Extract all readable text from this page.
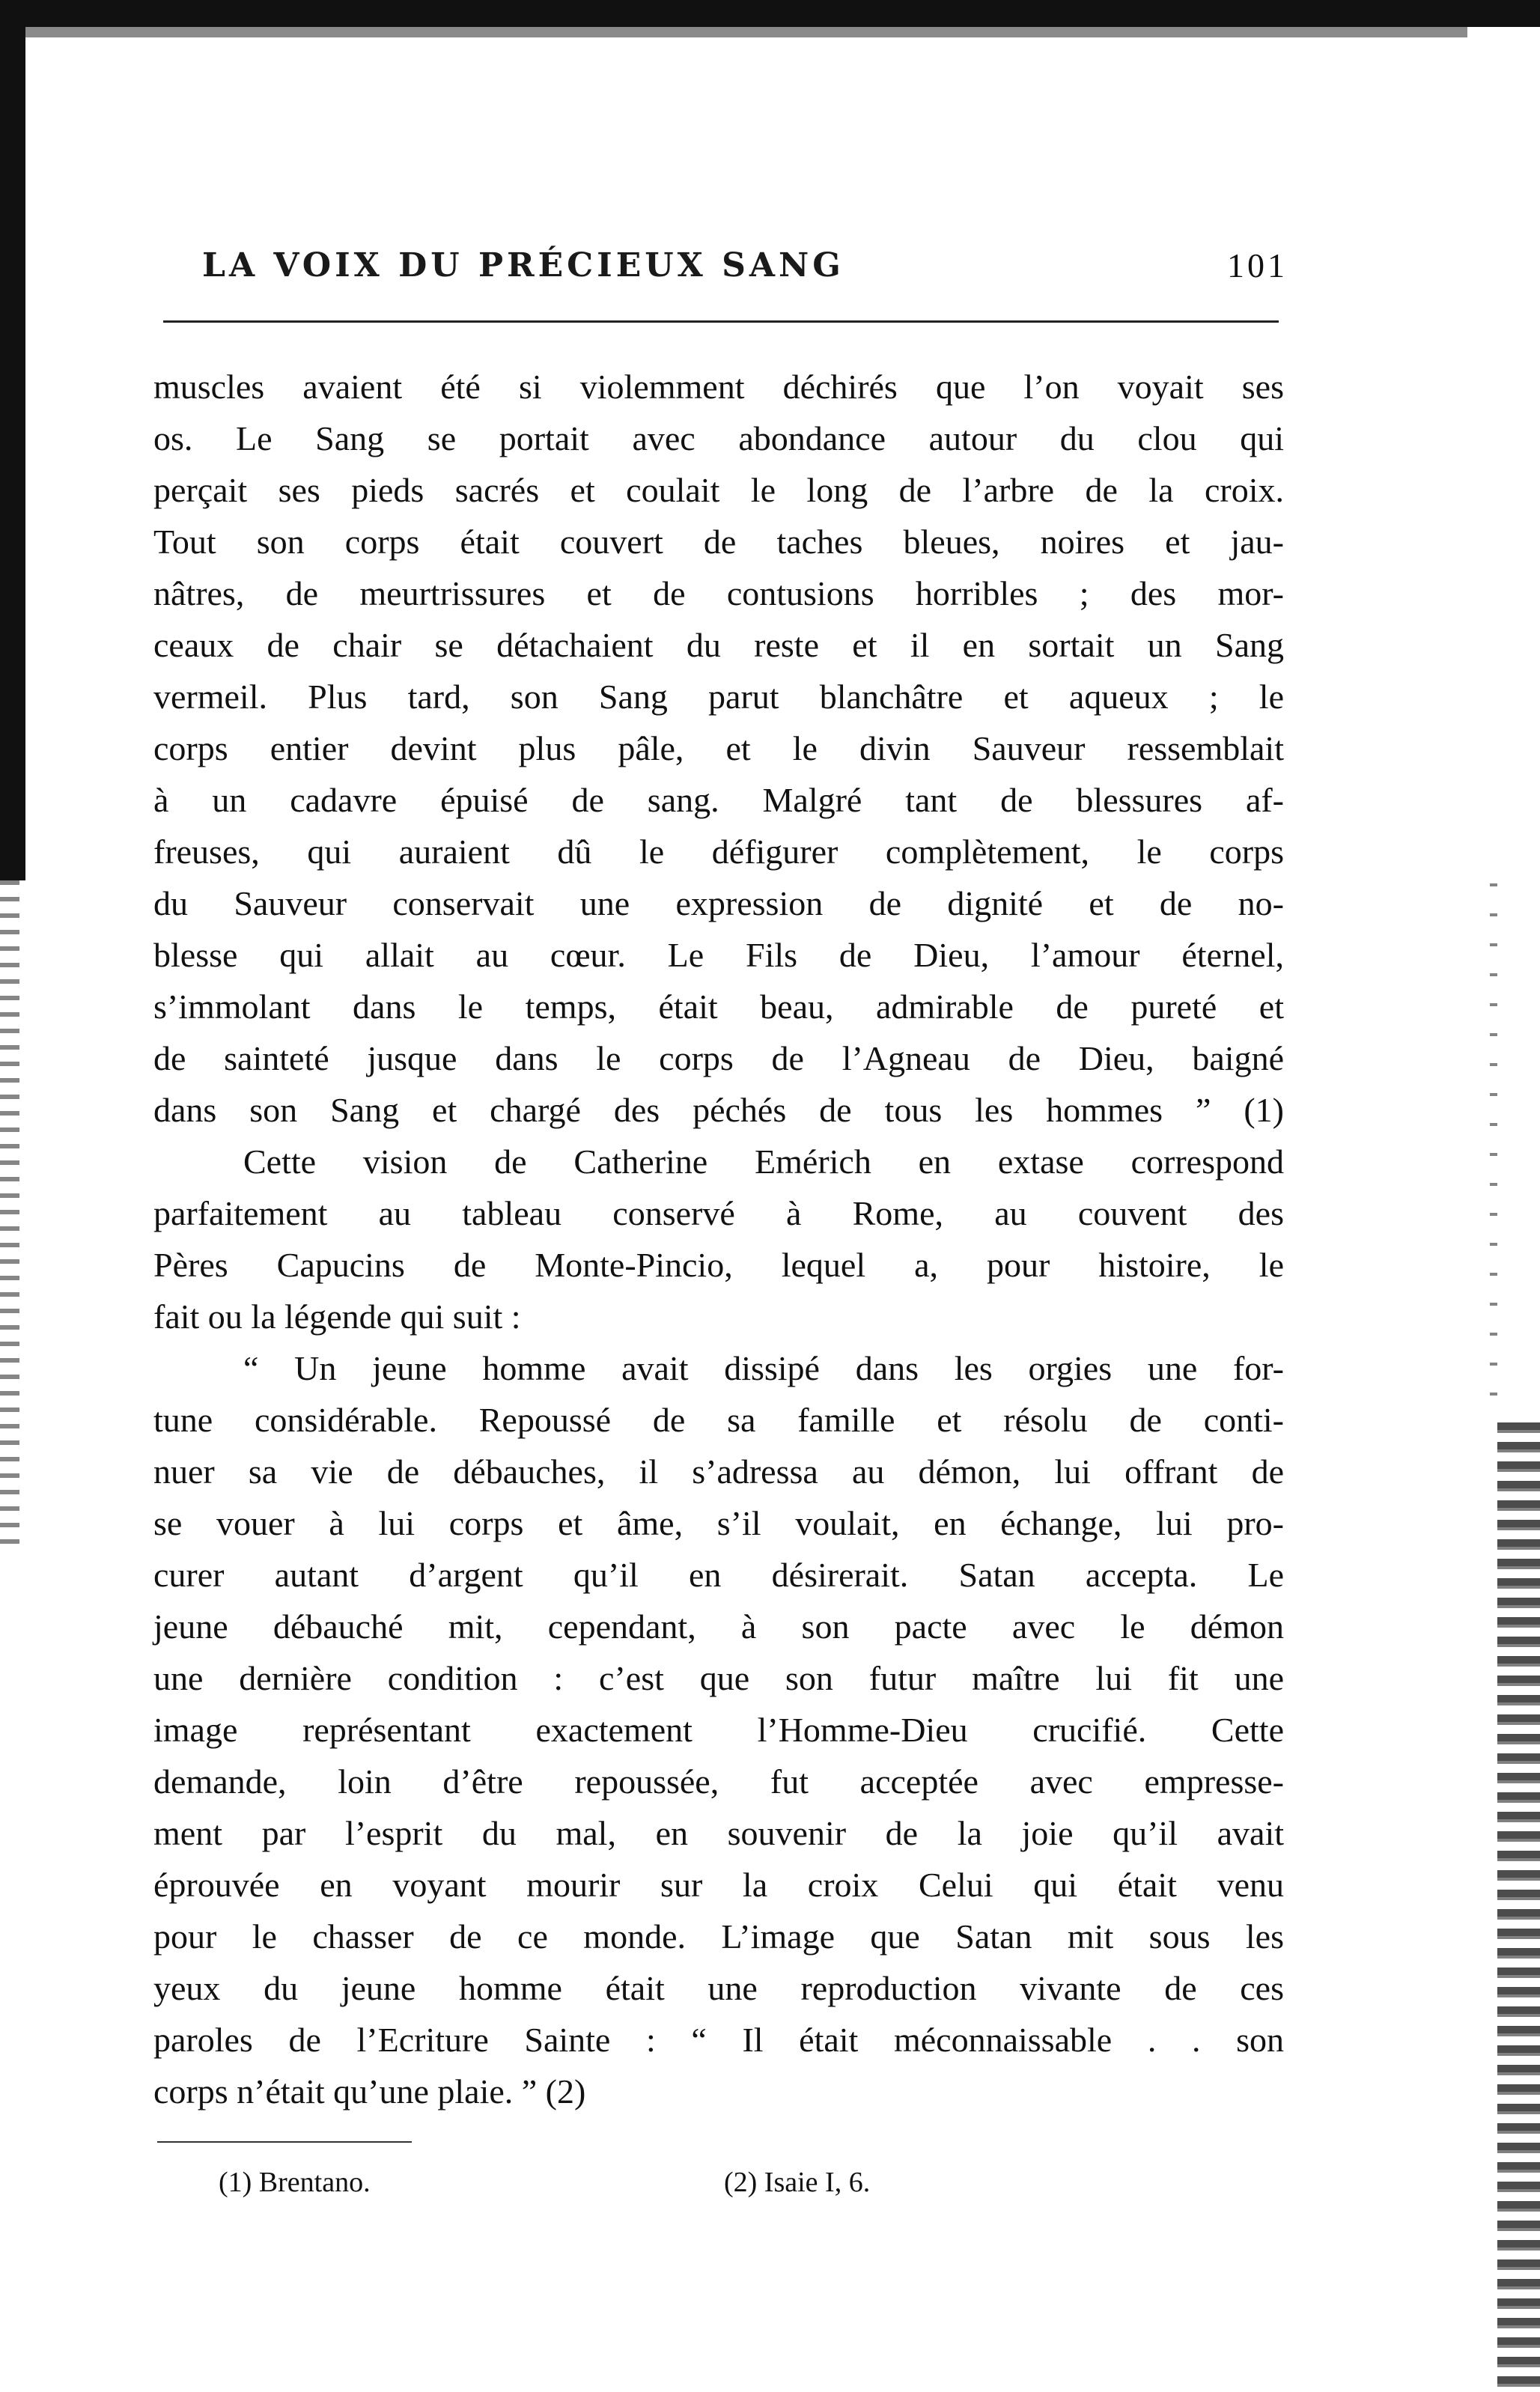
LA VOIX DU PRÉCIEUX SANG	101
muscles avaient été si violemment déchirés que l’on voyait ses
os. Le Sang se portait avec abondance autour du clou qui
perçait ses pieds sacrés et coulait le long de l’arbre de la croix.
Tout son corps était couvert de taches bleues, noires et jau-
nâtres, de meurtrissures et de contusions horribles ; des mor-
ceaux de chair se détachaient du reste et il en sortait un Sang
vermeil. Plus tard, son Sang parut blanchâtre et aqueux ; le
corps entier devint plus pâle, et le divin Sauveur ressemblait
à un cadavre épuisé de sang. Malgré tant de blessures af-
freuses, qui auraient dû le défigurer complètement, le corps
du Sauveur conservait une expression de dignité et de no-
blesse qui allait au cœur. Le Fils de Dieu, l’amour éternel,
s’immolant dans le temps, était beau, admirable de pureté et
de sainteté jusque dans le corps de l’Agneau de Dieu, baigné
dans son Sang et chargé des péchés de tous les hommes ” (1)
Cette vision de Catherine Emérich en extase correspond
parfaitement au tableau conservé à Rome, au couvent des
Pères Capucins de Monte-Pincio, lequel a, pour histoire, le
fait ou la légende qui suit :
“ Un jeune homme avait dissipé dans les orgies une for-
tune considérable. Repoussé de sa famille et résolu de conti-
nuer sa vie de débauches, il s’adressa au démon, lui offrant de
se vouer à lui corps et âme, s’il voulait, en échange, lui pro-
curer autant d’argent qu’il en désirerait. Satan accepta. Le
jeune débauché mit, cependant, à son pacte avec le démon
une dernière condition : c’est que son futur maître lui fit une
image représentant exactement l’Homme-Dieu crucifié. Cette
demande, loin d’être repoussée, fut acceptée avec empresse-
ment par l’esprit du mal, en souvenir de la joie qu’il avait
éprouvée en voyant mourir sur la croix Celui qui était venu
pour le chasser de ce monde. L’image que Satan mit sous les
yeux du jeune homme était une reproduction vivante de ces
paroles de l’Ecriture Sainte : “ Il était méconnaissable . . son
corps n’était qu’une plaie. ” (2)
(1) Brentano.	(2) Isaie I, 6.
